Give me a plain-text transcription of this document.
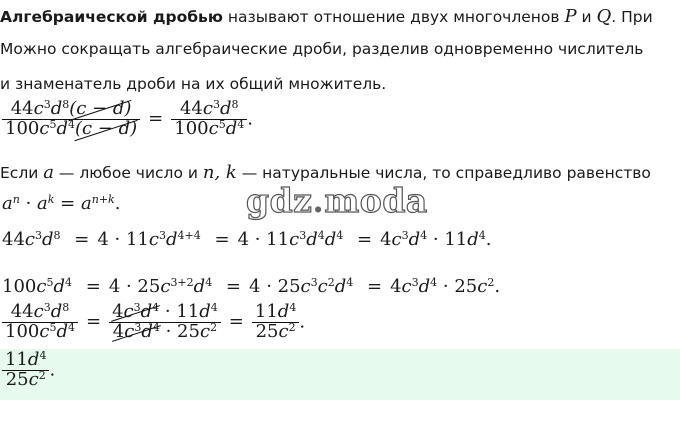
Алгебраической дробью называют отношение двух многочленов P и Q. При
Можно сокращать алгебраические дроби, разделив одновременно числитель
и знаменатель дроби на их общий множитель.
$\frac{44c^3d^8(c - d)}{100c^5d^4(c - d)} = \frac{44c^3d^8}{100c^5d^4}$ .
Если a — любое число и n, k — натуральные числа, то справедливо равенство
$a^n \cdot a^k = a^{n+k}$.	gdz.moda
$44c^3d^8 = 4 \cdot 11c^3d^{4+4} = 4 \cdot 11c^3d^4d^4 = 4c^3d^4 \cdot 11d^4$.
$100c^5d^4 = 4 \cdot 25c^{3+2}d^4 = 4 \cdot 25c^3c^2d^4 = 4c^3d^4 \cdot 25c^2$.
$\frac{44c^3d^8}{100c^5d^4} = \frac{4c^3d^4 \cdot 11d^4}{4c^3d^4 \cdot 25c^2} = \frac{11d^4}{25c^2}$ .
$\frac{11d^4}{25c^2}$ .
